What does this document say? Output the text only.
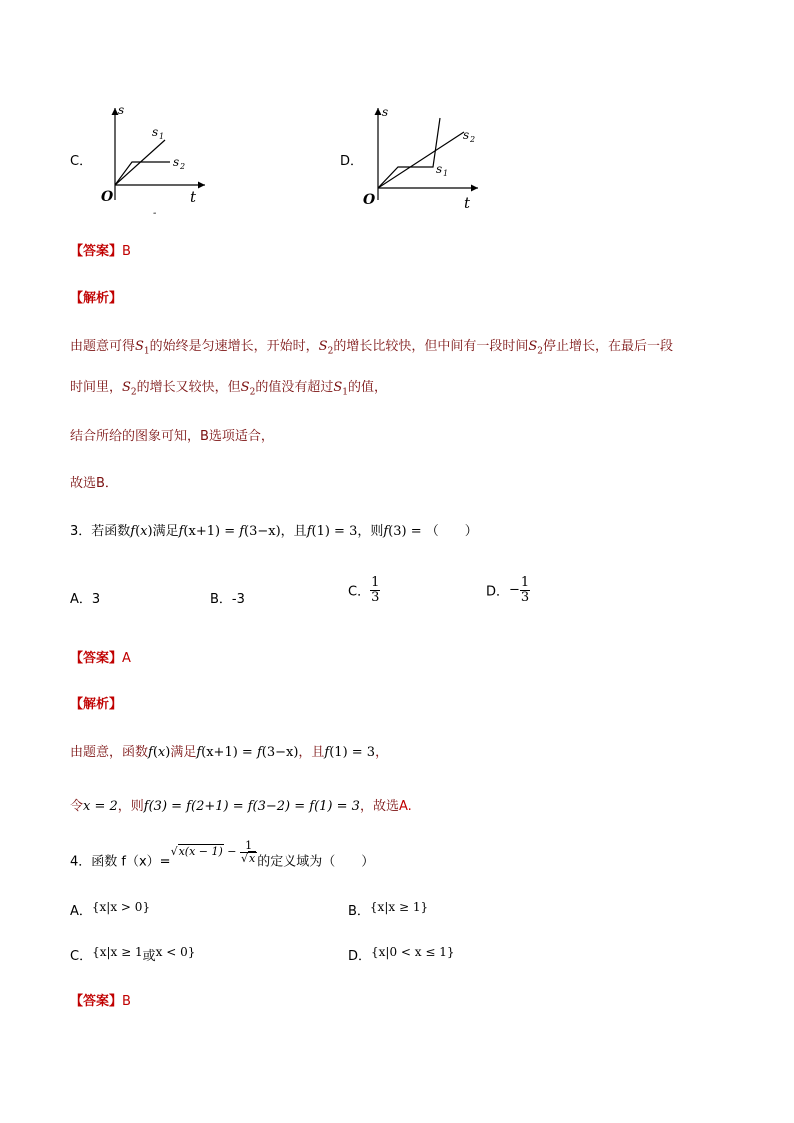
C．
s
t
O
s 1
s 2
-
D．
s
t
O
s 2
s 1
【答案】B
【解析】
由题意可得$S_1$的始终是匀速增长，开始时，$S_2$的增长比较快，但中间有一段时间$S_2$停止增长，在最后一段
时间里，$S_2$的增长又较快，但$S_2$的值没有超过$S_1$的值，
结合所给的图象可知，B选项适合，
故选B．
3．若函数f(x)满足f(x+1) = f(3−x)，且f(1) = 3，则f(3) = （　　）
A．3	B．-3	C． $\frac{1}{3}$	D．− $\frac{1}{3}$
【答案】A
【解析】
由题意，函数f(x)满足f(x+1) = f(3−x)，且f(1) = 3，
令x = 2，则f(3) = f(2+1) = f(3−2) = f(1) = 3，故选A.
4．函数 $f(x)=√x(x - 1) - \frac{1}{√x}$ 的定义域为（　　）
A．{x|x > 0}	B．{x|x ≥ 1}
C．{x|x ≥ 1或x < 0}	D．{x|0 < x ≤ 1}
【答案】B
